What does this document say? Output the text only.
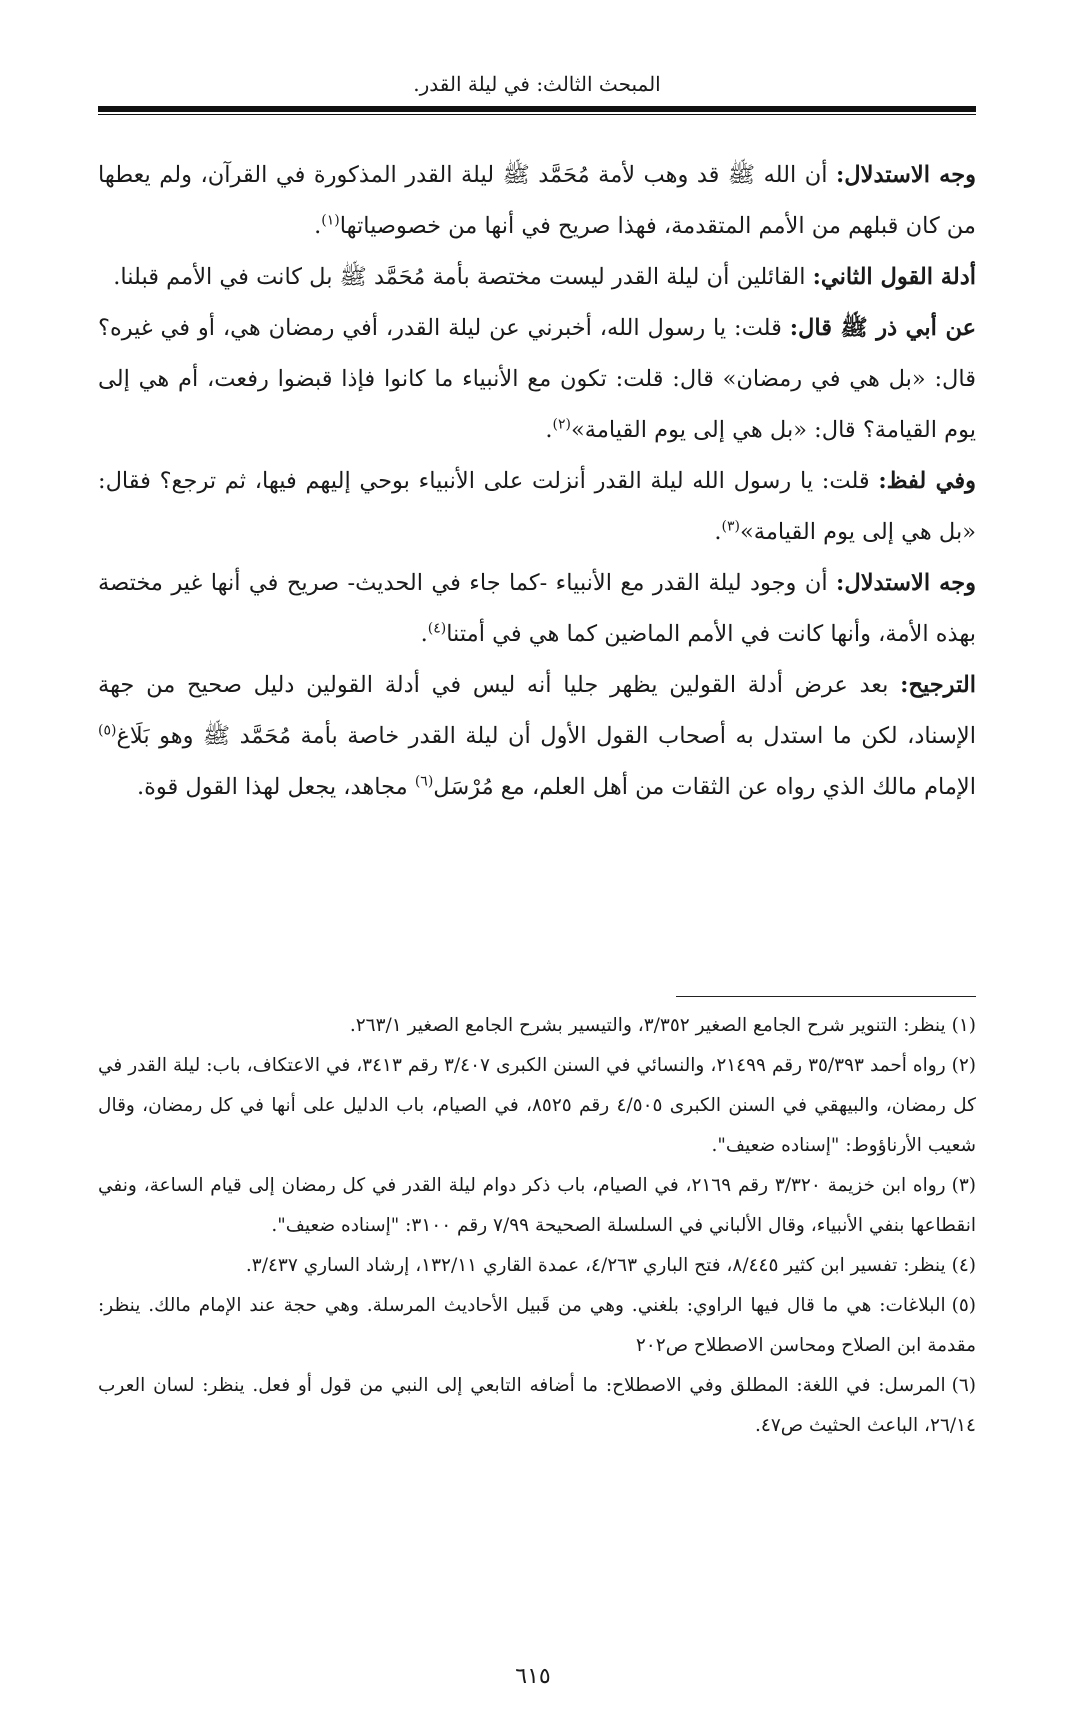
المبحث الثالث: في ليلة القدر.

وجه الاستدلال: أن الله ﷺ قد وهب لأمة مُحَمَّد ﷺ ليلة القدر المذكورة في القرآن، ولم يعطها من كان قبلهم من الأمم المتقدمة، فهذا صريح في أنها من خصوصياتها$^{(١)}$.

أدلة القول الثاني: القائلين أن ليلة القدر ليست مختصة بأمة مُحَمَّد ﷺ بل كانت في الأمم قبلنا.

عن أبي ذر ﷺ قال: قلت: يا رسول الله، أخبرني عن ليلة القدر، أفي رمضان هي، أو في غيره؟ قال: «بل هي في رمضان» قال: قلت: تكون مع الأنبياء ما كانوا فإذا قبضوا رفعت، أم هي إلى يوم القيامة؟ قال: «بل هي إلى يوم القيامة»$^{(٢)}$.

وفي لفظ: قلت: يا رسول الله ليلة القدر أنزلت على الأنبياء بوحي إليهم فيها، ثم ترجع؟ فقال: «بل هي إلى يوم القيامة»$^{(٣)}$.

وجه الاستدلال: أن وجود ليلة القدر مع الأنبياء -كما جاء في الحديث- صريح في أنها غير مختصة بهذه الأمة، وأنها كانت في الأمم الماضين كما هي في أمتنا$^{(٤)}$.

الترجيح: بعد عرض أدلة القولين يظهر جليا أنه ليس في أدلة القولين دليل صحيح من جهة الإسناد، لكن ما استدل به أصحاب القول الأول أن ليلة القدر خاصة بأمة مُحَمَّد ﷺ وهو بَلَاغ$^{(٥)}$ الإمام مالك الذي رواه عن الثقات من أهل العلم، مع مُرْسَل$^{(٦)}$ مجاهد، يجعل لهذا القول قوة.

(١)ينظر: التنوير شرح الجامع الصغير ٣/٣٥٢، والتيسير بشرح الجامع الصغير ٢٦٣/١.

(٢)رواه أحمد ٣٥/٣٩٣ رقم ٢١٤٩٩، والنسائي في السنن الكبرى ٣/٤٠٧ رقم ٣٤١٣، في الاعتكاف، باب: ليلة القدر في كل رمضان، والبيهقي في السنن الكبرى ٤/٥٠٥ رقم ٨٥٢٥، في الصيام، باب الدليل على أنها في كل رمضان، وقال شعيب الأرناؤوط: "إسناده ضعيف".

(٣)رواه ابن خزيمة ٣/٣٢٠ رقم ٢١٦٩، في الصيام، باب ذكر دوام ليلة القدر في كل رمضان إلى قيام الساعة، ونفي انقطاعها بنفي الأنبياء، وقال الألباني في السلسلة الصحيحة ٧/٩٩ رقم ٣١٠٠: "إسناده ضعيف".

(٤)ينظر: تفسير ابن كثير ٨/٤٤٥، فتح الباري ٤/٢٦٣، عمدة القاري ١٣٢/١١، إرشاد الساري ٣/٤٣٧.

(٥)البلاغات: هي ما قال فيها الراوي: بلغني. وهي من قَبيل الأحاديث المرسلة. وهي حجة عند الإمام مالك. ينظر: مقدمة ابن الصلاح ومحاسن الاصطلاح ص٢٠٢

(٦)المرسل: في اللغة: المطلق وفي الاصطلاح: ما أضافه التابعي إلى النبي من قول أو فعل. ينظر: لسان العرب ٢٦/١٤، الباعث الحثيث ص٤٧.

٦١٥
